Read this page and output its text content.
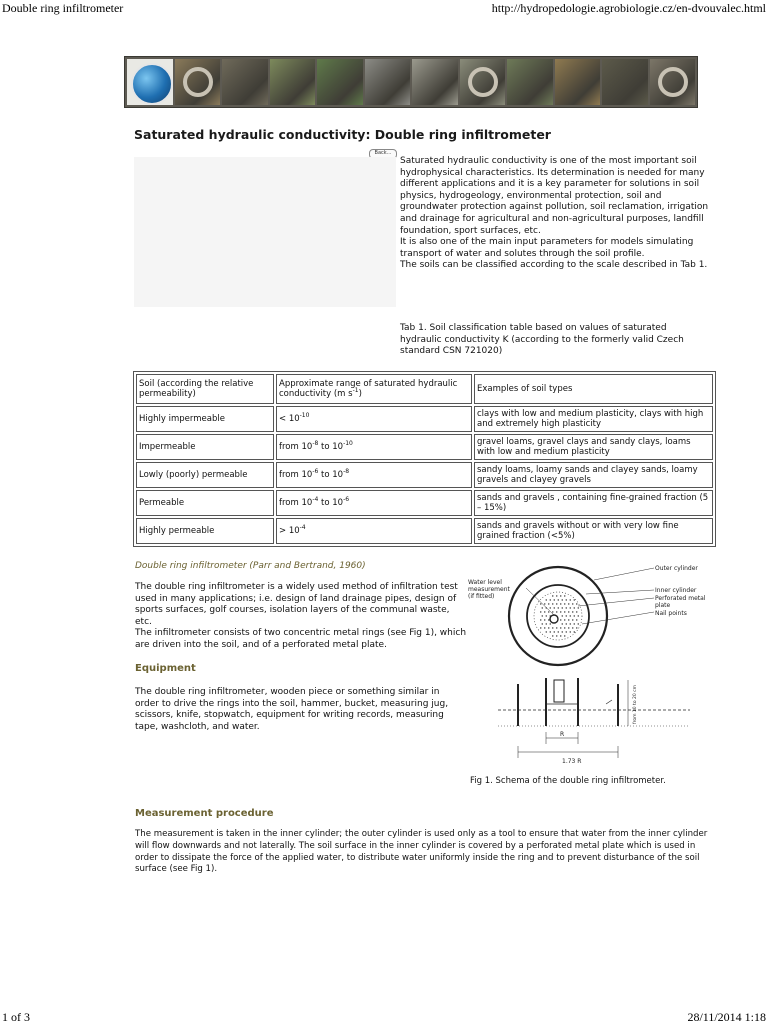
Double ring infiltrometer	http://hydropedologie.agrobiologie.cz/en-dvouvalec.html
Saturated hydraulic conductivity: Double ring infiltrometer
Back...

Saturated hydraulic conductivity is one of the most important soil hydrophysical characteristics. Its determination is needed for many different applications and it is a key parameter for solutions in soil physics, hydrogeology, environmental protection, soil and groundwater protection against pollution, soil reclamation, irrigation and drainage for agricultural and non-agricultural purposes, landfill foundation, sport surfaces, etc.

It is also one of the main input parameters for models simulating transport of water and solutes through the soil profile.

The soils can be classified according to the scale described in Tab 1.

Tab 1. Soil classification table based on values of saturated hydraulic conductivity K (according to the formerly valid Czech standard CSN 721020)
Soil (according the relative permeability)	Approximate range of saturated hydraulic conductivity (m $s^{-1}$)	Examples of soil types
Highly impermeable	< $10^{-10}$	clays with low and medium plasticity, clays with high and extremely high plasticity
Impermeable	from $10^{-8}$ to $10^{-10}$	gravel loams, gravel clays and sandy clays, loams with low and medium plasticity
Lowly (poorly) permeable	from $10^{-6}$ to $10^{-8}$	sandy loams, loamy sands and clayey sands, loamy gravels and clayey gravels
Permeable	from $10^{-4}$ to $10^{-6}$	sands and gravels , containing fine-grained fraction (5 – 15%)
Highly permeable	> $10^{-4}$	sands and gravels without or with very low fine grained fraction (<5%)
Double ring infiltrometer (Parr and Bertrand, 1960)

The double ring infiltrometer is a widely used method of infiltration test used in many applications; i.e. design of land drainage pipes, design of sports surfaces, golf courses, isolation layers of the communal waste, etc.

The infiltrometer consists of two concentric metal rings (see Fig 1), which are driven into the soil, and of a perforated metal plate.

Equipment
The double ring infiltrometer, wooden piece or something similar in order to drive the rings into the soil, hammer, bucket, measuring jug, scissors, knife, stopwatch, equipment for writing records, measuring tape, washcloth, and water.
Outer cylinder
Inner cylinder
Perforated metal
plate
Nail points
Water level
measurement
(if fitted)
R
1.73 R
from 10 to 20 cm
Fig 1. Schema of the double ring infiltrometer.
Measurement procedure
The measurement is taken in the inner cylinder; the outer cylinder is used only as a tool to ensure that water from the inner cylinder will flow downwards and not laterally. The soil surface in the inner cylinder is covered by a perforated metal plate which is used in order to dissipate the force of the applied water, to distribute water uniformly inside the ring and to prevent disturbance of the soil surface (see Fig 1).
1 of 3	28/11/2014 1:18
